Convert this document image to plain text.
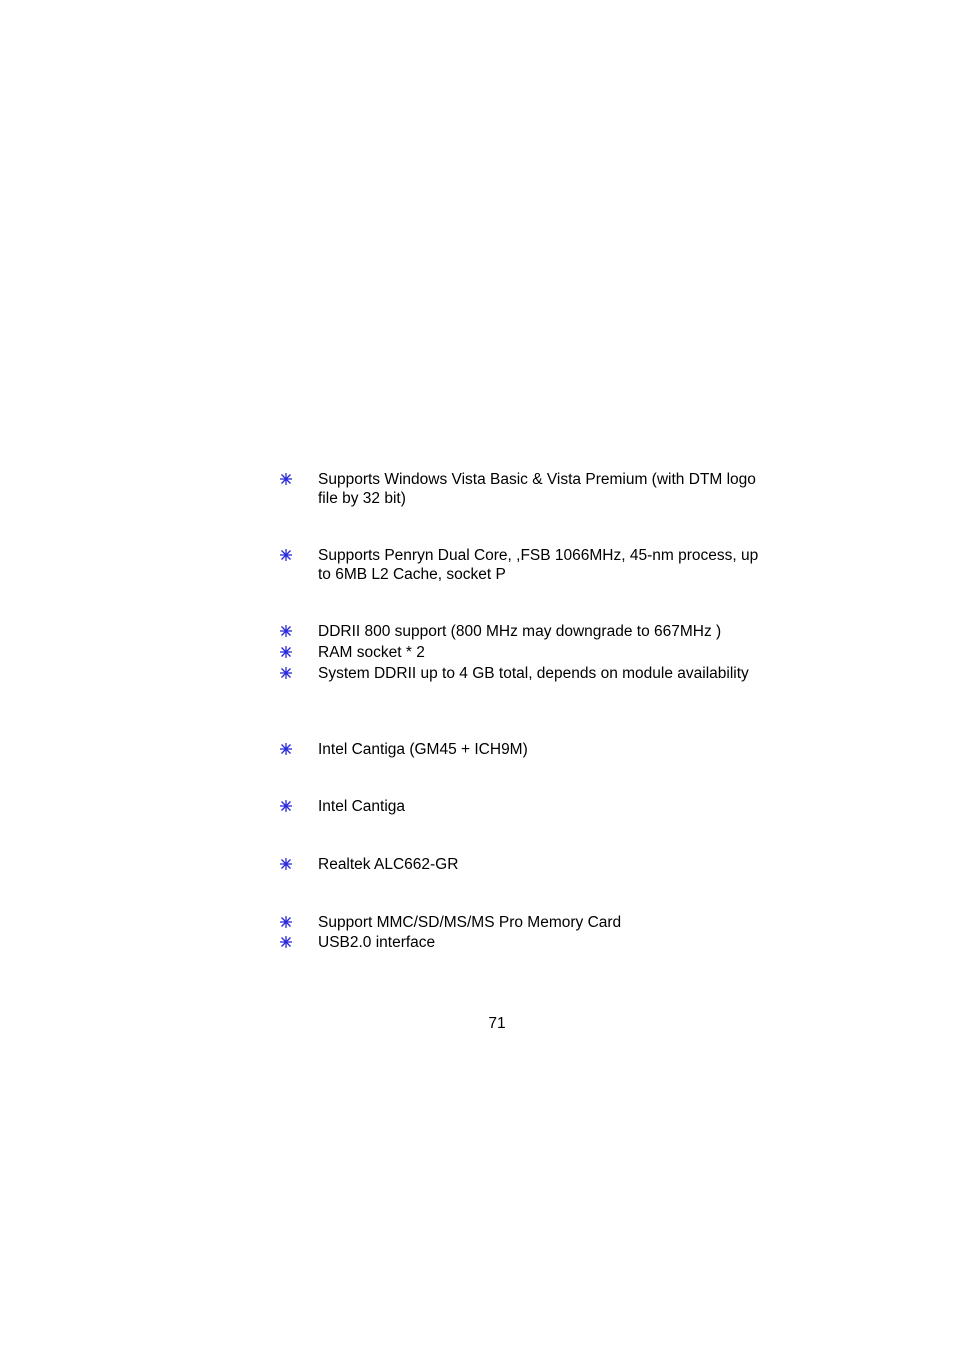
Supports Windows Vista Basic & Vista Premium (with DTM logo file by 32 bit)
Supports Penryn Dual Core, ,FSB 1066MHz, 45-nm process, up to 6MB L2 Cache, socket P
DDRII 800 support (800 MHz may downgrade to 667MHz )
RAM socket * 2
System DDRII up to 4 GB total, depends on module availability
Intel Cantiga (GM45 + ICH9M)
Intel Cantiga
Realtek ALC662-GR
Support MMC/SD/MS/MS Pro Memory Card
USB2.0 interface
71
